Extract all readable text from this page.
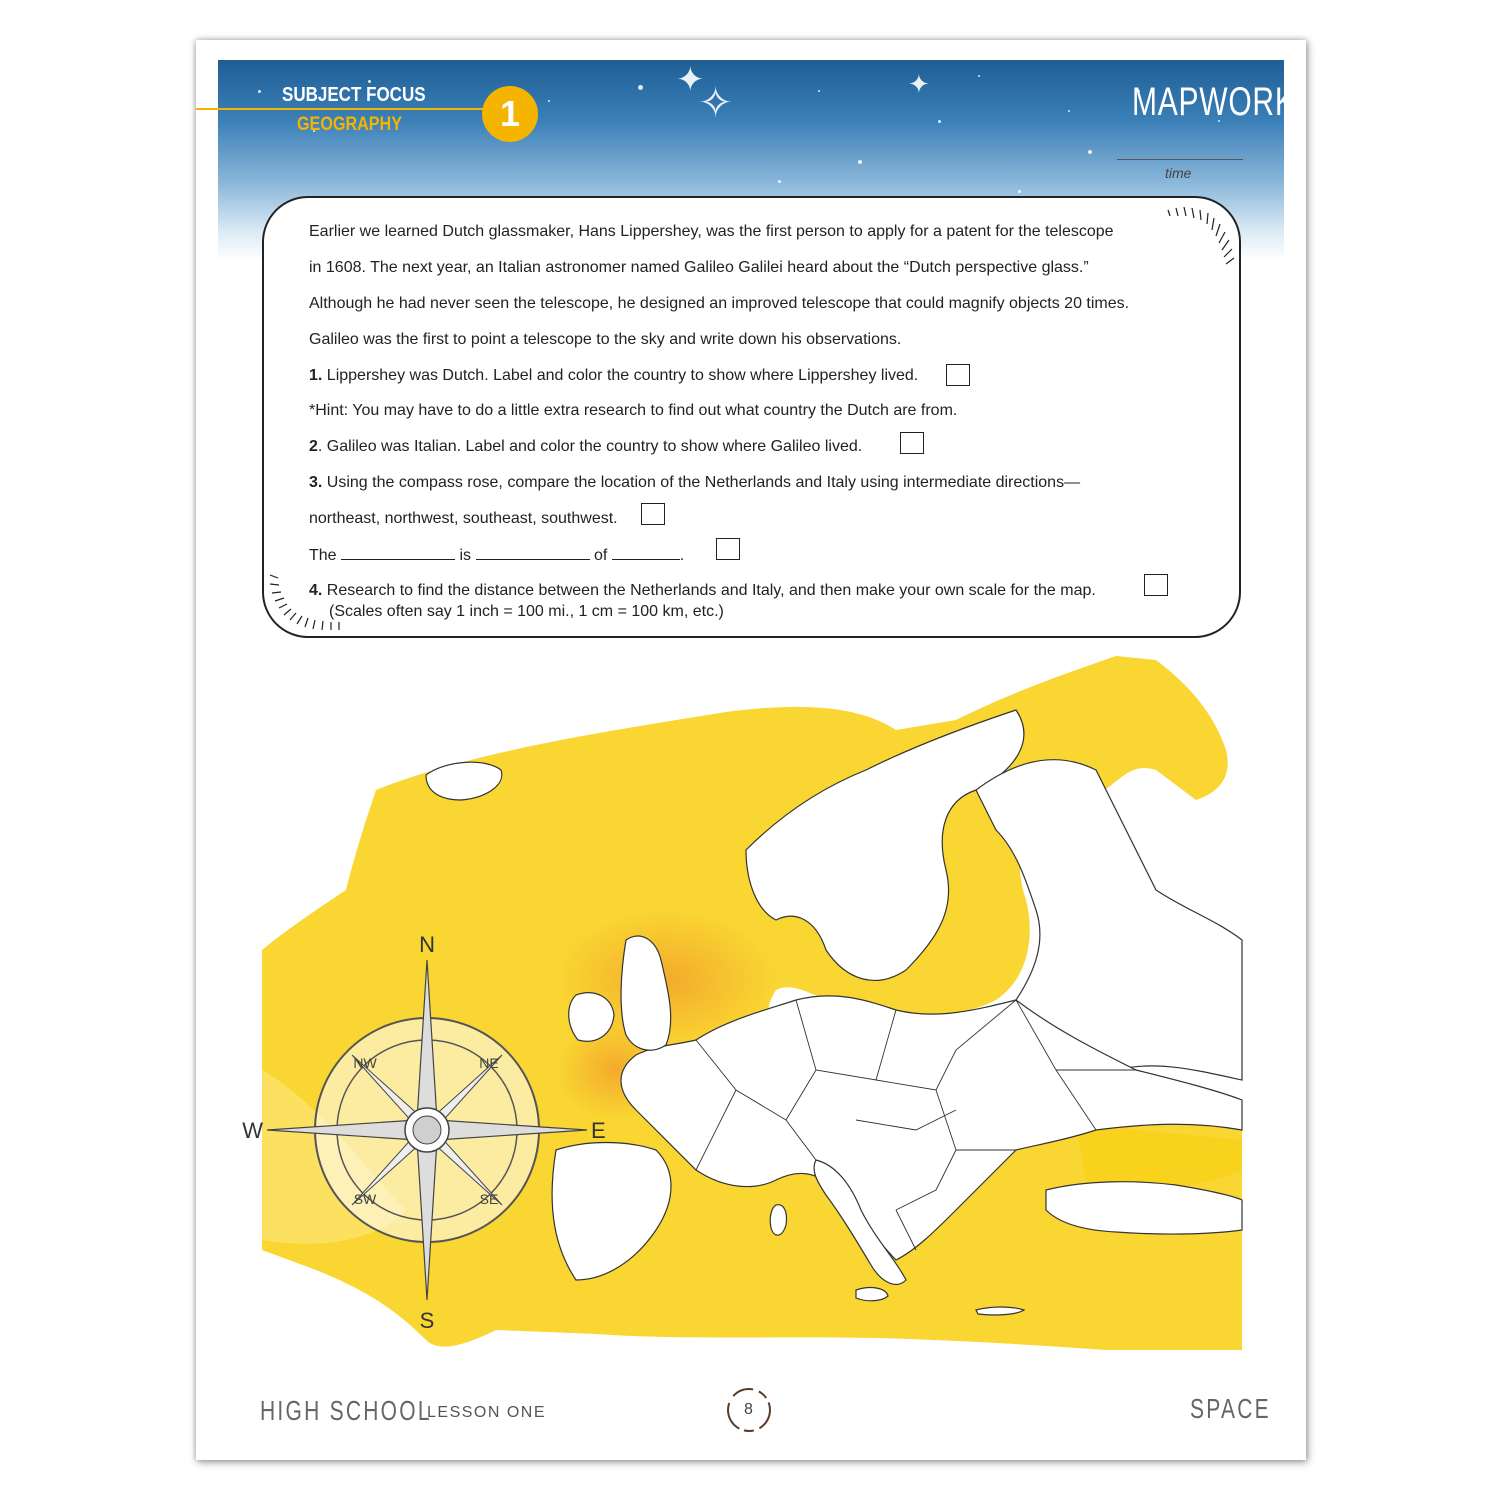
✦
✧	✦
SUBJECT FOCUS
GEOGRAPHY	1	MAPWORK
time
Earlier we learned Dutch glassmaker, Hans Lippershey, was the first person to apply for a patent for the telescope
in 1608. The next year, an Italian astronomer named Galileo Galilei heard about the “Dutch perspective glass.”
Although he had never seen the telescope, he designed an improved telescope that could magnify objects 20 times.
Galileo was the first to point a telescope to the sky and write down his observations.
1. Lippershey was Dutch. Label and color the country to show where Lippershey lived.
*Hint: You may have to do a little extra research to find out what country the Dutch are from.
2. Galileo was Italian. Label and color the country to show where Galileo lived.
3. Using the compass rose, compare the location of the Netherlands and Italy using intermediate directions—
northeast, northwest, southeast, southwest.
The	is	of	.
4. Research to find the distance between the Netherlands and Italy, and then make your own scale for the map.
(Scales often say 1 inch = 100 mi., 1 cm = 100 km, etc.)
N
S
W	E
NW	NE
SW	SE
HIGH SCHOOL
LESSON ONE	8	SPACE
